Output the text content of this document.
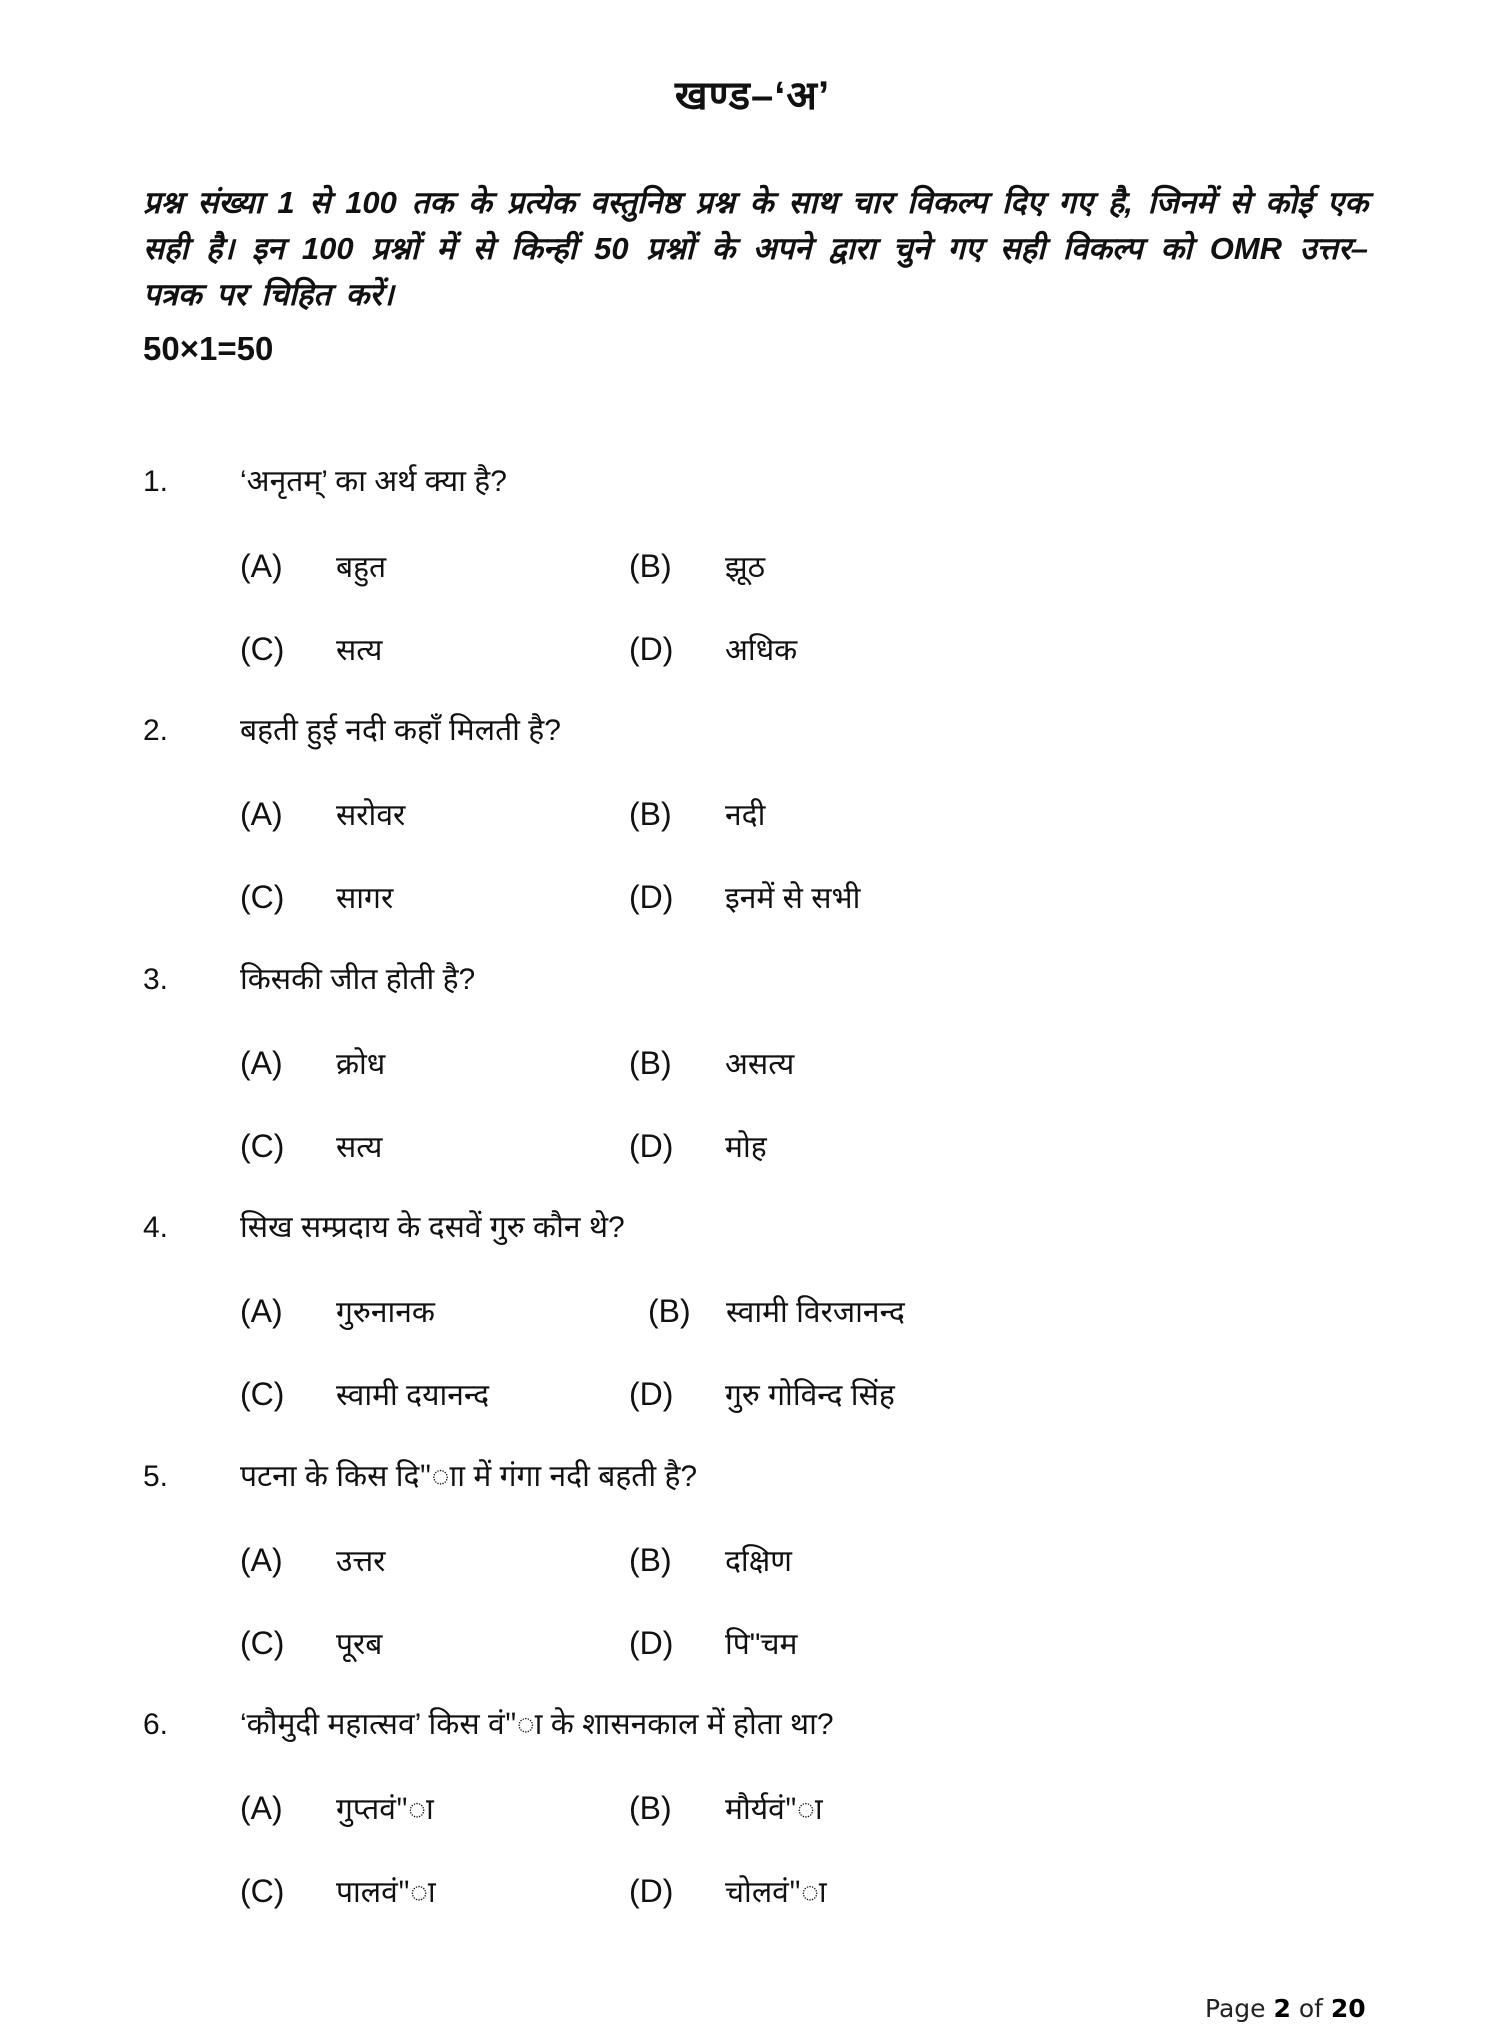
खण्ड–‘अ’
प्रश्न संख्या 1 से 100 तक के प्रत्येक वस्तुनिष्ठ प्रश्न के साथ चार विकल्प दिए गए है, जिनमें से कोई एक सही है। इन 100 प्रश्नों में से किन्हीं 50 प्रश्नों के अपने द्वारा चुने गए सही विकल्प को OMR उत्तर–पत्रक पर चिहित करें।
50×1=50
1. ‘अनृतम्’ का अर्थ क्या है?
(A) बहुत	(B) झूठ
(C) सत्य	(D) अधिक
2. बहती हुई नदी कहाँ मिलती है?
(A) सरोवर	(B) नदी
(C) सागर	(D) इनमें से सभी
3. किसकी जीत होती है?
(A) क्रोध	(B) असत्य
(C) सत्य	(D) मोह
4. सिख सम्प्रदाय के दसवें गुरु कौन थे?
(A) गुरुनानक	(B) स्वामी विरजानन्द
(C) स्वामी दयानन्द	(D) गुरु गोविन्द सिंह
5. पटना के किस दि"ाा में गंगा नदी बहती है?
(A) उत्तर	(B) दक्षिण
(C) पूरब	(D) पि"चम
6. ‘कौमुदी महात्सव’ किस वं"ा के शासनकाल में होता था?
(A) गुप्तवं"ा	(B) मौर्यवं"ा
(C) पालवं"ा	(D) चोलवं"ा
Page 2 of 20
